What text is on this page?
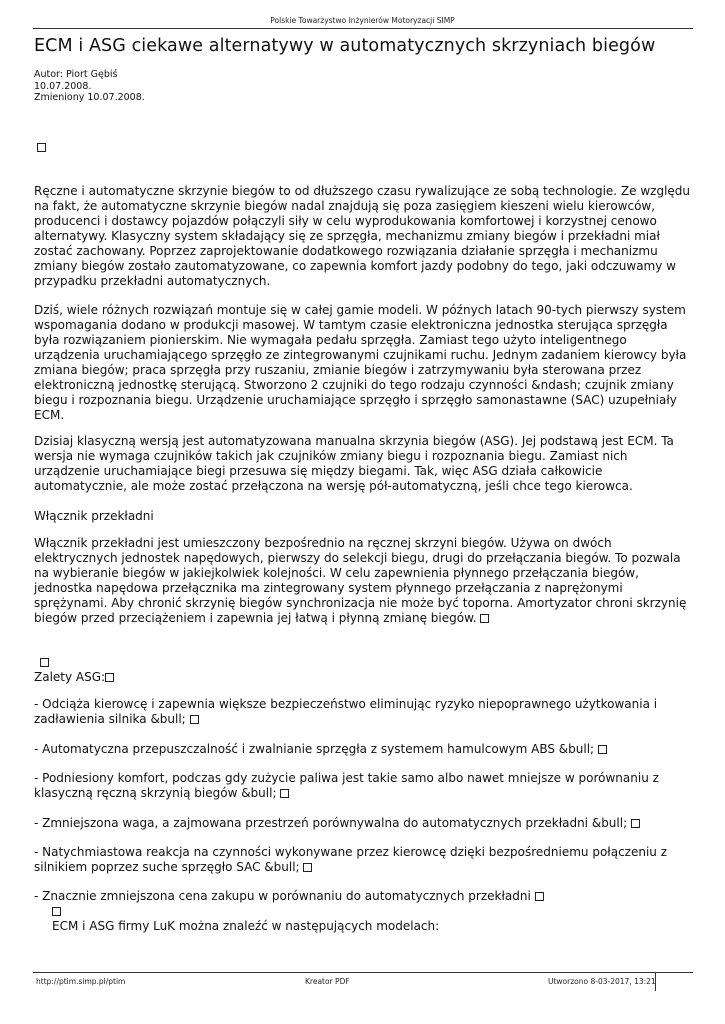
Polskie Towarzystwo Inżynierów Motoryzacji SIMP
ECM i ASG ciekawe alternatywy w automatycznych skrzyniach biegów
Autor: Piort Gębiś
10.07.2008.
Zmieniony 10.07.2008.

Ręczne i automatyczne skrzynie biegów to od dłuższego czasu rywalizujące ze sobą technologie. Ze względu na fakt, że automatyczne skrzynie biegów nadal znajdują się poza zasięgiem kieszeni wielu kierowców, producenci i dostawcy pojazdów połączyli siły w celu wyprodukowania komfortowej i korzystnej cenowo alternatywy. Klasyczny system składający się ze sprzęgła, mechanizmu zmiany biegów i przekładni miał zostać zachowany. Poprzez zaprojektowanie dodatkowego rozwiązania działanie sprzęgła i mechanizmu zmiany biegów zostało zautomatyzowane, co zapewnia komfort jazdy podobny do tego, jaki odczuwamy w przypadku przekładni automatycznych.

Dziś, wiele różnych rozwiązań montuje się w całej gamie modeli. W późnych latach 90-tych pierwszy system wspomagania dodano w produkcji masowej. W tamtym czasie elektroniczna jednostka sterująca sprzęgła była rozwiązaniem pionierskim. Nie wymagała pedału sprzęgła. Zamiast tego użyto inteligentnego urządzenia uruchamiającego sprzęgło ze zintegrowanymi czujnikami ruchu. Jednym zadaniem kierowcy była zmiana biegów; praca sprzęgła przy ruszaniu, zmianie biegów i zatrzymywaniu była sterowana przez elektroniczną jednostkę sterującą. Stworzono 2 czujniki do tego rodzaju czynności &ndash; czujnik zmiany biegu i rozpoznania biegu. Urządzenie uruchamiające sprzęgło i sprzęgło samonastawne (SAC) uzupełniały ECM.

Dzisiaj klasyczną wersją jest automatyzowana manualna skrzynia biegów (ASG). Jej podstawą jest ECM. Ta wersja nie wymaga czujników takich jak czujników zmiany biegu i rozpoznania biegu. Zamiast nich urządzenie uruchamiające biegi przesuwa się między biegami. Tak, więc ASG działa całkowicie automatycznie, ale może zostać przełączona na wersję pół-automatyczną, jeśli chce tego kierowca.

Włącznik przekładni

Włącznik przekładni jest umieszczony bezpośrednio na ręcznej skrzyni biegów. Używa on dwóch elektrycznych jednostek napędowych, pierwszy do selekcji biegu, drugi do przełączania biegów. To pozwala na wybieranie biegów w jakiejkolwiek kolejności. W celu zapewnienia płynnego przełączania biegów, jednostka napędowa przełącznika ma zintegrowany system płynnego przełączania z naprężonymi sprężynami. Aby chronić skrzynię biegów synchronizacja nie może być toporna. Amortyzator chroni skrzynię biegów przed przeciążeniem i zapewnia jej łatwą i płynną zmianę biegów.

Zalety ASG:

- Odciąża kierowcę i zapewnia większe bezpieczeństwo eliminując ryzyko niepoprawnego użytkowania i zadławienia silnika &bull;

- Automatyczna przepuszczalność i zwalnianie sprzęgła z systemem hamulcowym ABS &bull;

- Podniesiony komfort, podczas gdy zużycie paliwa jest takie samo albo nawet mniejsze w porównaniu z klasyczną ręczną skrzynią biegów &bull;

- Zmniejszona waga, a zajmowana przestrzeń porównywalna do automatycznych przekładni &bull;

- Natychmiastowa reakcja na czynności wykonywane przez kierowcę dzięki bezpośredniemu połączeniu z silnikiem poprzez suche sprzęgło SAC &bull;

- Znacznie zmniejszona cena zakupu w porównaniu do automatycznych przekładni

ECM i ASG firmy LuK można znaleźć w następujących modelach:

http://ptim.simp.pl/ptim	Kreator PDF	Utworzono 8-03-2017, 13:21
